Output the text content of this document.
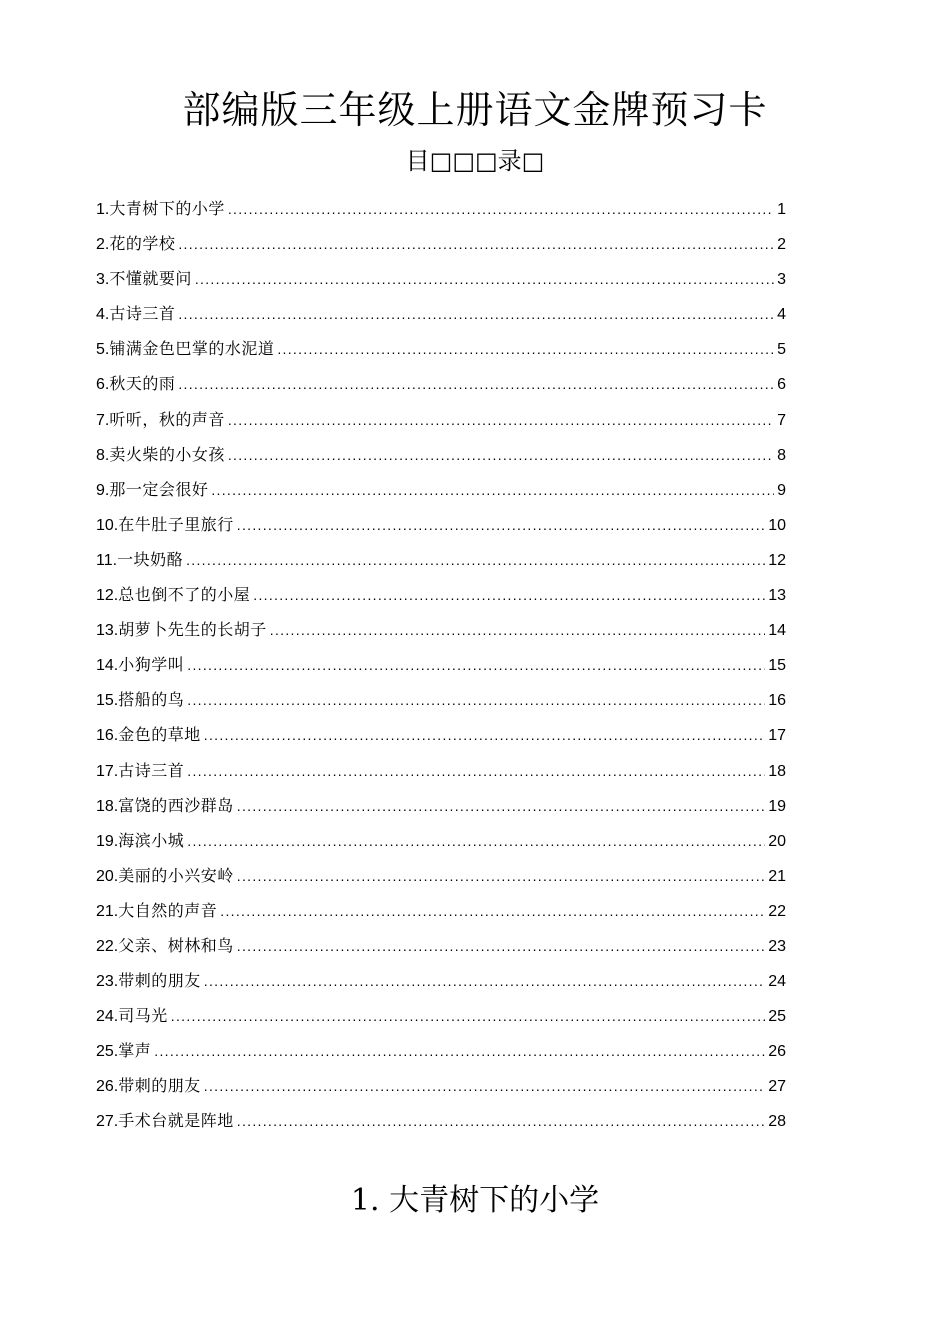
部编版三年级上册语文金牌预习卡
目□□□录□
1. 大青树下的小学 .....	1
2. 花的学校 .....	2
3. 不懂就要问 .....	3
4. 古诗三首 .....	4
5. 铺满金色巴掌的水泥道 .....	5
6. 秋天的雨 .....	6
7. 听听，秋的声音 .....	7
8. 卖火柴的小女孩 .....	8
9. 那一定会很好 .....	9
10. 在牛肚子里旅行 .....	10
11. 一块奶酪 .....	12
12. 总也倒不了的小屋 .....	13
13. 胡萝卜先生的长胡子 .....	14
14. 小狗学叫 .....	15
15. 搭船的鸟 .....	16
16. 金色的草地 .....	17
17. 古诗三首 .....	18
18. 富饶的西沙群岛 .....	19
19. 海滨小城 .....	20
20. 美丽的小兴安岭 .....	21
21. 大自然的声音 .....	22
22. 父亲、树林和鸟 .....	23
23. 带刺的朋友 .....	24
24. 司马光 .....	25
25. 掌声 .....	26
26. 带刺的朋友 .....	27
27. 手术台就是阵地 .....	28
1. 大青树下的小学
